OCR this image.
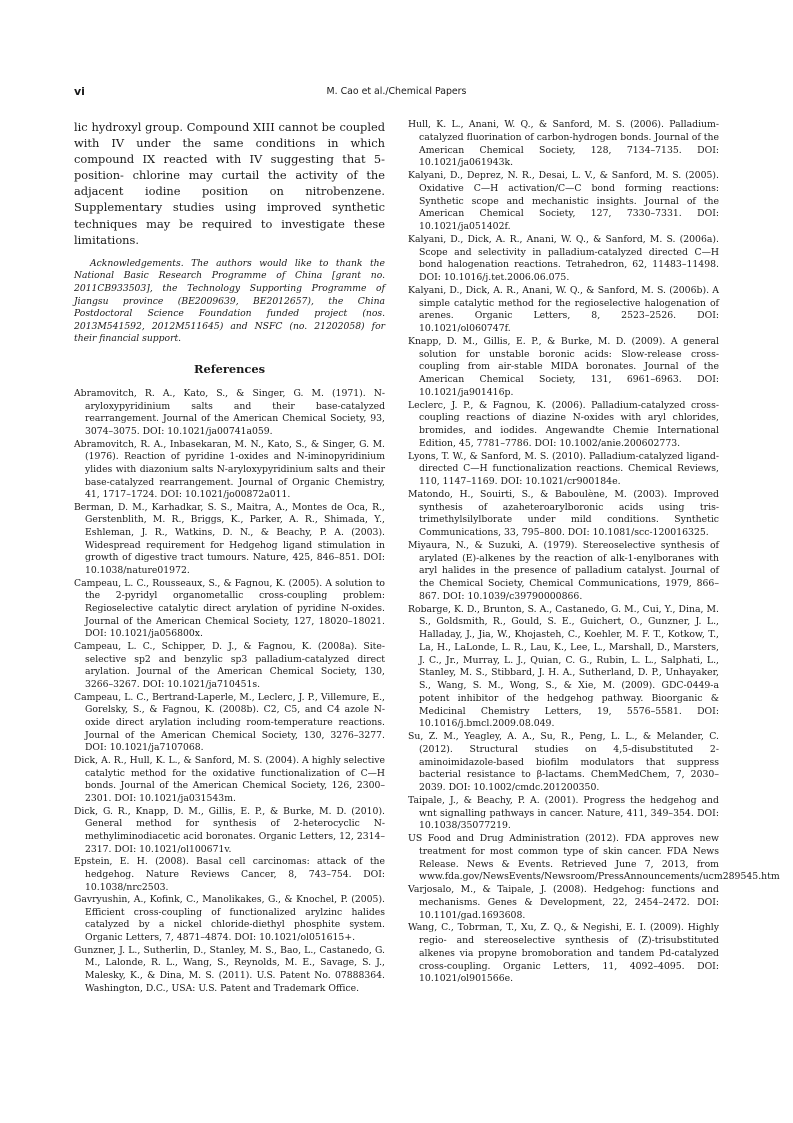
vi	M. Cao et al./Chemical Papers

lic hydroxyl group. Compound XIII cannot be coupled with IV under the same conditions in which compound IX reacted with IV suggesting that 5-position- chlorine may curtail the activity of the adjacent iodine position on nitrobenzene. Supplementary studies using improved synthetic techniques may be required to investigate these limitations.

Acknowledgements. The authors would like to thank the National Basic Research Programme of China [grant no. 2011CB933503], the Technology Supporting Programme of Jiangsu province (BE2009639, BE2012657), the China Postdoctoral Science Foundation funded project (nos. 2013M541592, 2012M511645) and NSFC (no. 21202058) for their financial support.

References
Abramovitch, R. A., Kato, S., & Singer, G. M. (1971). N-aryloxypyridinium salts and their base-catalyzed rearrangement. Journal of the American Chemical Society, 93, 3074–3075. DOI: 10.1021/ja00741a059.
Abramovitch, R. A., Inbasekaran, M. N., Kato, S., & Singer, G. M. (1976). Reaction of pyridine 1-oxides and N-iminopyridinium ylides with diazonium salts N-aryloxypyridinium salts and their base-catalyzed rearrangement. Journal of Organic Chemistry, 41, 1717–1724. DOI: 10.1021/jo00872a011.
Berman, D. M., Karhadkar, S. S., Maitra, A., Montes de Oca, R., Gerstenblith, M. R., Briggs, K., Parker, A. R., Shimada, Y., Eshleman, J. R., Watkins, D. N., & Beachy, P. A. (2003). Widespread requirement for Hedgehog ligand stimulation in growth of digestive tract tumours. Nature, 425, 846–851. DOI: 10.1038/nature01972.
Campeau, L. C., Rousseaux, S., & Fagnou, K. (2005). A solution to the 2-pyridyl organometallic cross-coupling problem: Regioselective catalytic direct arylation of pyridine N-oxides. Journal of the American Chemical Society, 127, 18020–18021. DOI: 10.1021/ja056800x.
Campeau, L. C., Schipper, D. J., & Fagnou, K. (2008a). Site-selective sp2 and benzylic sp3 palladium-catalyzed direct arylation. Journal of the American Chemical Society, 130, 3266–3267. DOI: 10.1021/ja710451s.
Campeau, L. C., Bertrand-Laperle, M., Leclerc, J. P., Villemure, E., Gorelsky, S., & Fagnou, K. (2008b). C2, C5, and C4 azole N-oxide direct arylation including room-temperature reactions. Journal of the American Chemical Society, 130, 3276–3277. DOI: 10.1021/ja7107068.
Dick, A. R., Hull, K. L., & Sanford, M. S. (2004). A highly selective catalytic method for the oxidative functionalization of C—H bonds. Journal of the American Chemical Society, 126, 2300–2301. DOI: 10.1021/ja031543m.
Dick, G. R., Knapp, D. M., Gillis, E. P., & Burke, M. D. (2010). General method for synthesis of 2-heterocyclic N-methyliminodiacetic acid boronates. Organic Letters, 12, 2314–2317. DOI: 10.1021/ol100671v.
Epstein, E. H. (2008). Basal cell carcinomas: attack of the hedgehog. Nature Reviews Cancer, 8, 743–754. DOI: 10.1038/nrc2503.
Gavryushin, A., Kofink, C., Manolikakes, G., & Knochel, P. (2005). Efficient cross-coupling of functionalized arylzinc halides catalyzed by a nickel chloride-diethyl phosphite system. Organic Letters, 7, 4871–4874. DOI: 10.1021/ol051615+.
Gunzner, J. L., Sutherlin, D., Stanley, M. S., Bao, L., Castanedo, G. M., Lalonde, R. L., Wang, S., Reynolds, M. E., Savage, S. J., Malesky, K., & Dina, M. S. (2011). U.S. Patent No. 07888364. Washington, D.C., USA: U.S. Patent and Trademark Office.
Hull, K. L., Anani, W. Q., & Sanford, M. S. (2006). Palladium-catalyzed fluorination of carbon-hydrogen bonds. Journal of the American Chemical Society, 128, 7134–7135. DOI: 10.1021/ja061943k.
Kalyani, D., Deprez, N. R., Desai, L. V., & Sanford, M. S. (2005). Oxidative C—H activation/C—C bond forming reactions: Synthetic scope and mechanistic insights. Journal of the American Chemical Society, 127, 7330–7331. DOI: 10.1021/ja051402f.
Kalyani, D., Dick, A. R., Anani, W. Q., & Sanford, M. S. (2006a). Scope and selectivity in palladium-catalyzed directed C—H bond halogenation reactions. Tetrahedron, 62, 11483–11498. DOI: 10.1016/j.tet.2006.06.075.
Kalyani, D., Dick, A. R., Anani, W. Q., & Sanford, M. S. (2006b). A simple catalytic method for the regioselective halogenation of arenes. Organic Letters, 8, 2523–2526. DOI: 10.1021/ol060747f.
Knapp, D. M., Gillis, E. P., & Burke, M. D. (2009). A general solution for unstable boronic acids: Slow-release cross-coupling from air-stable MIDA boronates. Journal of the American Chemical Society, 131, 6961–6963. DOI: 10.1021/ja901416p.
Leclerc, J. P., & Fagnou, K. (2006). Palladium-catalyzed cross-coupling reactions of diazine N-oxides with aryl chlorides, bromides, and iodides. Angewandte Chemie International Edition, 45, 7781–7786. DOI: 10.1002/anie.200602773.
Lyons, T. W., & Sanford, M. S. (2010). Palladium-catalyzed ligand-directed C—H functionalization reactions. Chemical Reviews, 110, 1147–1169. DOI: 10.1021/cr900184e.
Matondo, H., Souirti, S., & Baboulène, M. (2003). Improved synthesis of azaheteroarylboronic acids using tris-trimethylsilylborate under mild conditions. Synthetic Communications, 33, 795–800. DOI: 10.1081/scc-120016325.
Miyaura, N., & Suzuki, A. (1979). Stereoselective synthesis of arylated (E)-alkenes by the reaction of alk-1-enylboranes with aryl halides in the presence of palladium catalyst. Journal of the Chemical Society, Chemical Communications, 1979, 866–867. DOI: 10.1039/c39790000866.
Robarge, K. D., Brunton, S. A., Castanedo, G. M., Cui, Y., Dina, M. S., Goldsmith, R., Gould, S. E., Guichert, O., Gunzner, J. L., Halladay, J., Jia, W., Khojasteh, C., Koehler, M. F. T., Kotkow, T., La, H., LaLonde, L. R., Lau, K., Lee, L., Marshall, D., Marsters, J. C., Jr., Murray, L. J., Quian, C. G., Rubin, L. L., Salphati, L., Stanley, M. S., Stibbard, J. H. A., Sutherland, D. P., Unhayaker, S., Wang, S. M., Wong, S., & Xie, M. (2009). GDC-0449-a potent inhibitor of the hedgehog pathway. Bioorganic & Medicinal Chemistry Letters, 19, 5576–5581. DOI: 10.1016/j.bmcl.2009.08.049.
Su, Z. M., Yeagley, A. A., Su, R., Peng, L. L., & Melander, C. (2012). Structural studies on 4,5-disubstituted 2-aminoimidazole-based biofilm modulators that suppress bacterial resistance to β-lactams. ChemMedChem, 7, 2030–2039. DOI: 10.1002/cmdc.201200350.
Taipale, J., & Beachy, P. A. (2001). Progress the hedgehog and wnt signalling pathways in cancer. Nature, 411, 349–354. DOI: 10.1038/35077219.
US Food and Drug Administration (2012). FDA approves new treatment for most common type of skin cancer. FDA News Release. News & Events. Retrieved June 7, 2013, from www.fda.gov/NewsEvents/Newsroom/PressAnnouncements/ucm289545.htm
Varjosalo, M., & Taipale, J. (2008). Hedgehog: functions and mechanisms. Genes & Development, 22, 2454–2472. DOI: 10.1101/gad.1693608.
Wang, C., Tobrman, T., Xu, Z. Q., & Negishi, E. I. (2009). Highly regio- and stereoselective synthesis of (Z)-trisubstituted alkenes via propyne bromoboration and tandem Pd-catalyzed cross-coupling. Organic Letters, 11, 4092–4095. DOI: 10.1021/ol901566e.
